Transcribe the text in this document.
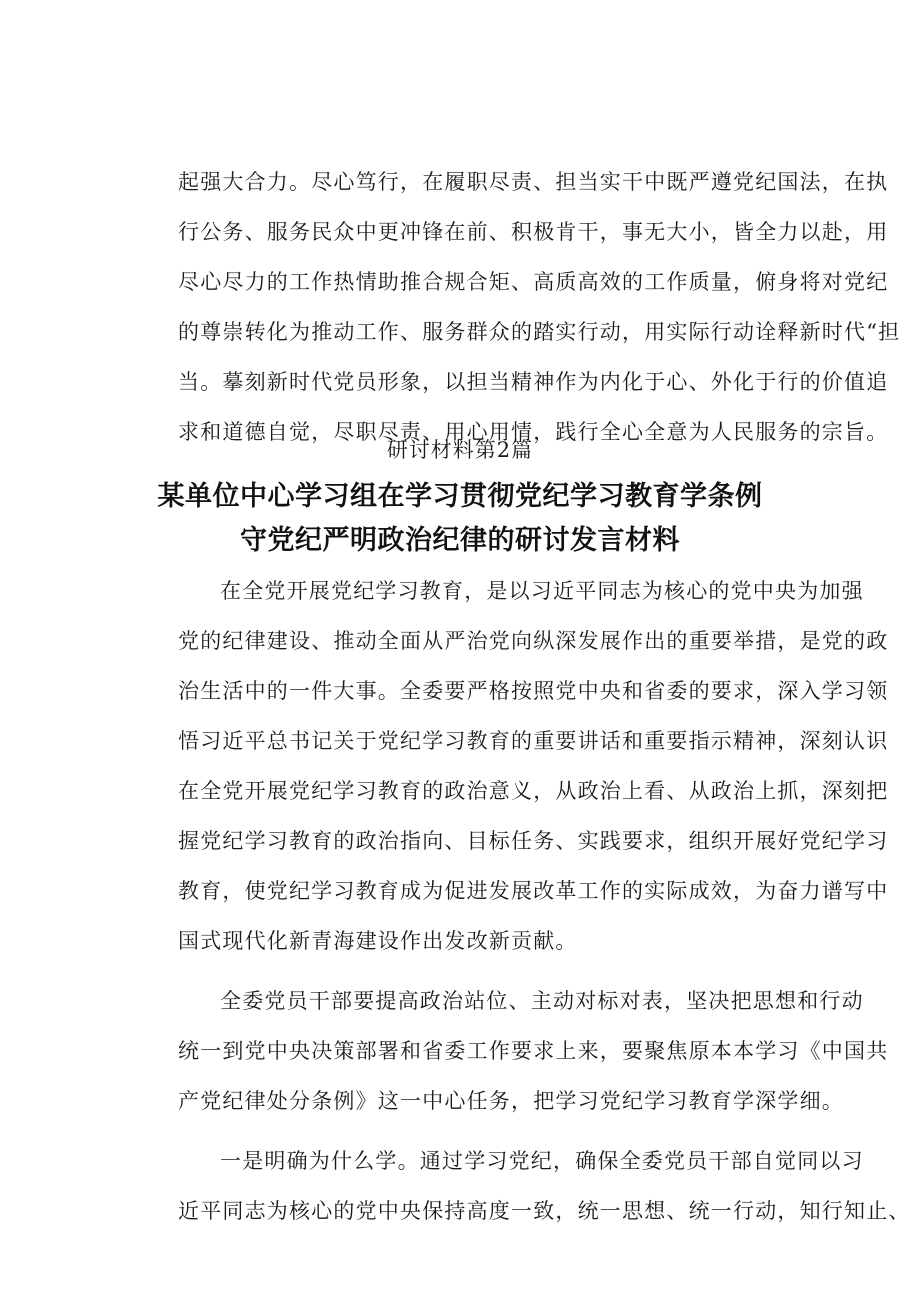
起强大合力。尽心笃行，在履职尽责、担当实干中既严遵党纪国法，在执
行公务、服务民众中更冲锋在前、积极肯干，事无大小，皆全力以赴，用
尽心尽力的工作热情助推合规合矩、高质高效的工作质量，俯身将对党纪
的尊崇转化为推动工作、服务群众的踏实行动，用实际行动诠释新时代“担
当。摹刻新时代党员形象，以担当精神作为内化于心、外化于行的价值追
求和道德自觉，尽职尽责、用心用情，践行全心全意为人民服务的宗旨。
研讨材料第2篇
某单位中心学习组在学习贯彻党纪学习教育学条例
守党纪严明政治纪律的研讨发言材料
在全党开展党纪学习教育，是以习近平同志为核心的党中央为加强
党的纪律建设、推动全面从严治党向纵深发展作出的重要举措，是党的政
治生活中的一件大事。全委要严格按照党中央和省委的要求，深入学习领
悟习近平总书记关于党纪学习教育的重要讲话和重要指示精神，深刻认识
在全党开展党纪学习教育的政治意义，从政治上看、从政治上抓，深刻把
握党纪学习教育的政治指向、目标任务、实践要求，组织开展好党纪学习
教育，使党纪学习教育成为促进发展改革工作的实际成效，为奋力谱写中
国式现代化新青海建设作出发改新贡献。
全委党员干部要提高政治站位、主动对标对表，坚决把思想和行动
统一到党中央决策部署和省委工作要求上来，要聚焦原本本学习《中国共
产党纪律处分条例》这一中心任务，把学习党纪学习教育学深学细。
一是明确为什么学。通过学习党纪，确保全委党员干部自觉同以习
近平同志为核心的党中央保持高度一致，统一思想、统一行动，知行知止、
